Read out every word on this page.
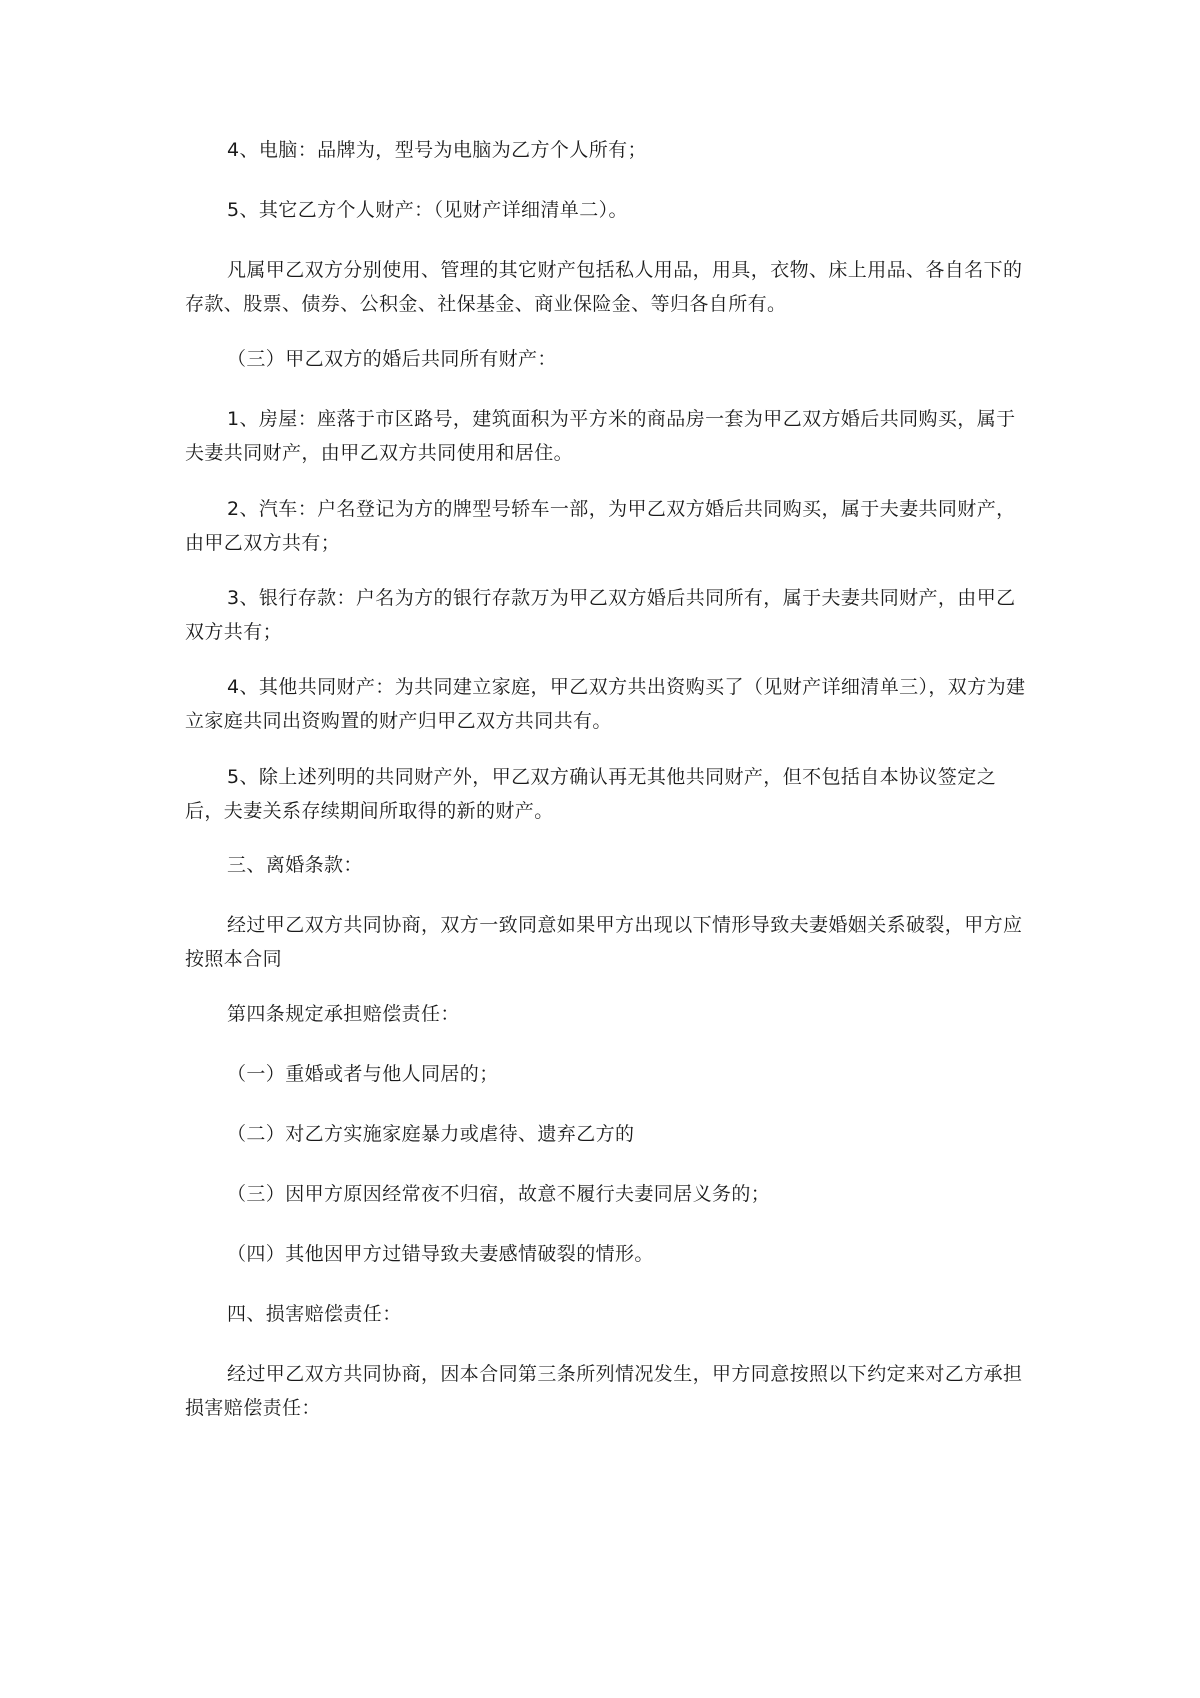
4、电脑：品牌为，型号为电脑为乙方个人所有；

5、其它乙方个人财产：（见财产详细清单二）。

凡属甲乙双方分别使用、管理的其它财产包括私人用品，用具，衣物、床上用品、各自名下的存款、股票、债券、公积金、社保基金、商业保险金、等归各自所有。

（三）甲乙双方的婚后共同所有财产：

1、房屋：座落于市区路号，建筑面积为平方米的商品房一套为甲乙双方婚后共同购买，属于夫妻共同财产，由甲乙双方共同使用和居住。

2、汽车：户名登记为方的牌型号轿车一部，为甲乙双方婚后共同购买，属于夫妻共同财产，由甲乙双方共有；

3、银行存款：户名为方的银行存款万为甲乙双方婚后共同所有，属于夫妻共同财产，由甲乙双方共有；

4、其他共同财产：为共同建立家庭，甲乙双方共出资购买了（见财产详细清单三），双方为建立家庭共同出资购置的财产归甲乙双方共同共有。

5、除上述列明的共同财产外，甲乙双方确认再无其他共同财产，但不包括自本协议签定之后，夫妻关系存续期间所取得的新的财产。

三、离婚条款：

经过甲乙双方共同协商，双方一致同意如果甲方出现以下情形导致夫妻婚姻关系破裂，甲方应按照本合同

第四条规定承担赔偿责任：

（一）重婚或者与他人同居的；

（二）对乙方实施家庭暴力或虐待、遗弃乙方的

（三）因甲方原因经常夜不归宿，故意不履行夫妻同居义务的；

（四）其他因甲方过错导致夫妻感情破裂的情形。

四、损害赔偿责任：

经过甲乙双方共同协商，因本合同第三条所列情况发生，甲方同意按照以下约定来对乙方承担损害赔偿责任：
